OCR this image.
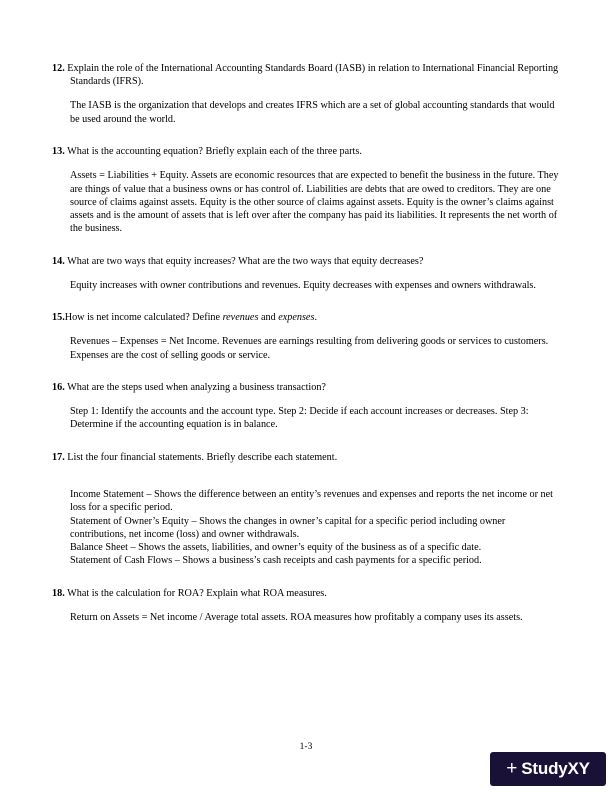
12. Explain the role of the International Accounting Standards Board (IASB) in relation to International Financial Reporting Standards (IFRS).
The IASB is the organization that develops and creates IFRS which are a set of global accounting standards that would be used around the world.
13. What is the accounting equation? Briefly explain each of the three parts.
Assets = Liabilities + Equity. Assets are economic resources that are expected to benefit the business in the future. They are things of value that a business owns or has control of. Liabilities are debts that are owed to creditors. They are one source of claims against assets. Equity is the other source of claims against assets. Equity is the owner’s claims against assets and is the amount of assets that is left over after the company has paid its liabilities. It represents the net worth of the business.
14. What are two ways that equity increases? What are the two ways that equity decreases?
Equity increases with owner contributions and revenues. Equity decreases with expenses and owners withdrawals.
15.How is net income calculated? Define revenues and expenses.
Revenues – Expenses = Net Income. Revenues are earnings resulting from delivering goods or services to customers. Expenses are the cost of selling goods or service.
16. What are the steps used when analyzing a business transaction?
Step 1: Identify the accounts and the account type. Step 2: Decide if each account increases or decreases. Step 3: Determine if the accounting equation is in balance.
17. List the four financial statements. Briefly describe each statement.

Income Statement – Shows the difference between an entity’s revenues and expenses and reports the net income or net loss for a specific period.

Statement of Owner’s Equity – Shows the changes in owner’s capital for a specific period including owner contributions, net income (loss) and owner withdrawals.

Balance Sheet – Shows the assets, liabilities, and owner’s equity of the business as of a specific date.

Statement of Cash Flows – Shows a business’s cash receipts and cash payments for a specific period.

18. What is the calculation for ROA? Explain what ROA measures.
Return on Assets = Net income / Average total assets. ROA measures how profitably a company uses its assets.
1-3
+ StudyXY
